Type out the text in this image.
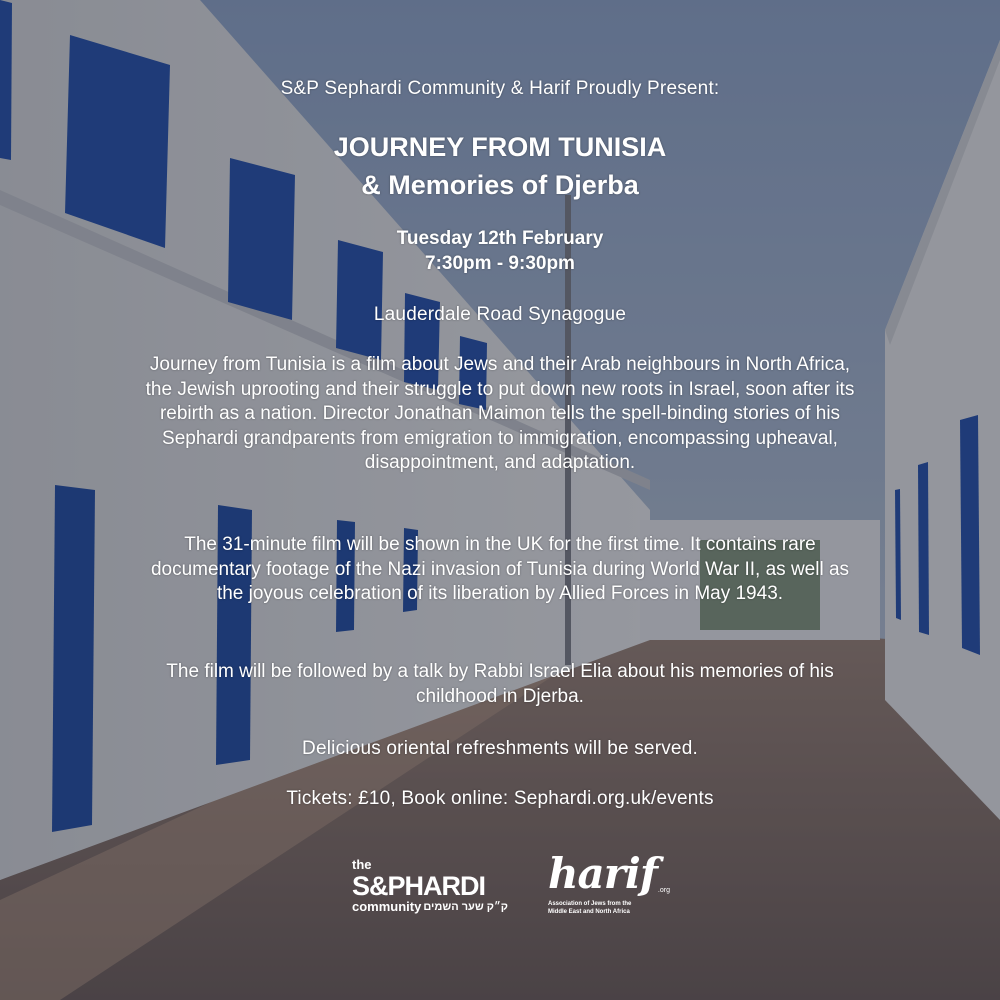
S&P Sephardi Community & Harif Proudly Present:
JOURNEY FROM TUNISIA
& Memories of Djerba
Tuesday 12th February
7:30pm - 9:30pm
Lauderdale Road Synagogue
Journey from Tunisia is a film about Jews and their Arab neighbours in North Africa, the Jewish uprooting and their struggle to put down new roots in Israel, soon after its rebirth as a nation. Director Jonathan Maimon tells the spell-binding stories of his Sephardi grandparents from emigration to immigration, encompassing upheaval, disappointment, and adaptation.
The 31-minute film will be shown in the UK for the first time. It contains rare documentary footage of the Nazi invasion of Tunisia during World War II, as well as the joyous celebration of its liberation by Allied Forces in May 1943.
The film will be followed by a talk by Rabbi Israel Elia about his memories of his childhood in Djerba.
Delicious oriental refreshments will be served.
Tickets: £10, Book online: Sephardi.org.uk/events
the
S&PHARDI
community ק״ק שער השמים
harif .org
Association of Jews from the
Middle East and North Africa
